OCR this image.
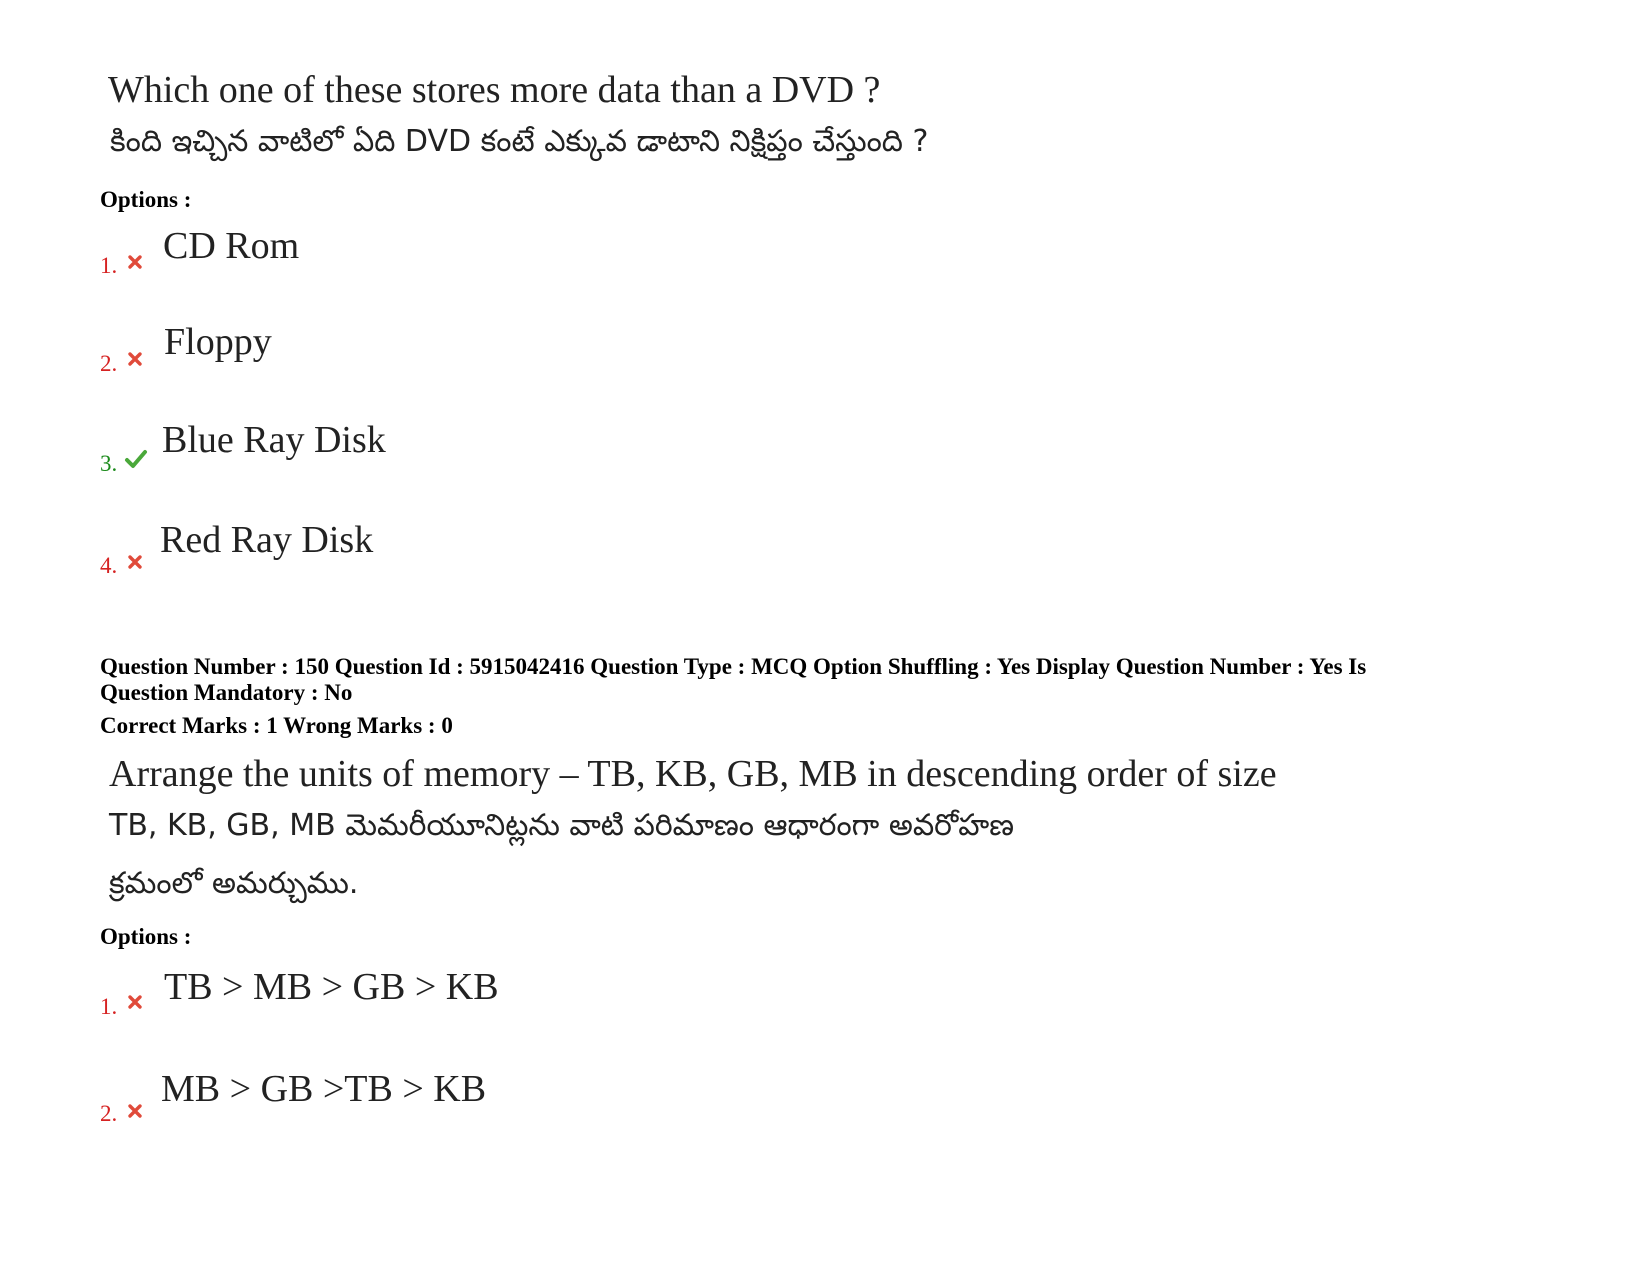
Which one of these stores more data than a DVD ?
కింది ఇచ్చిన వాటిలో ఏది DVD కంటే ఎక్కువ డాటాని నిక్షిప్తం చేస్తుంది ?
Options :
1. CD Rom
2.
Floppy
3.
Blue Ray Disk
4.
Red Ray Disk
Question Number : 150 Question Id : 5915042416 Question Type : MCQ Option Shuffling : Yes Display Question Number : Yes Is
Question Mandatory : No
Correct Marks : 1 Wrong Marks : 0
Arrange the units of memory – TB, KB, GB, MB in descending order of size
TB, KB, GB, MB మెమరీయూనిట్లను వాటి పరిమాణం ఆధారంగా అవరోహణ
క్రమంలో అమర్చుము.
Options :
1. TB > MB > GB > KB
2.
MB > GB >TB > KB
